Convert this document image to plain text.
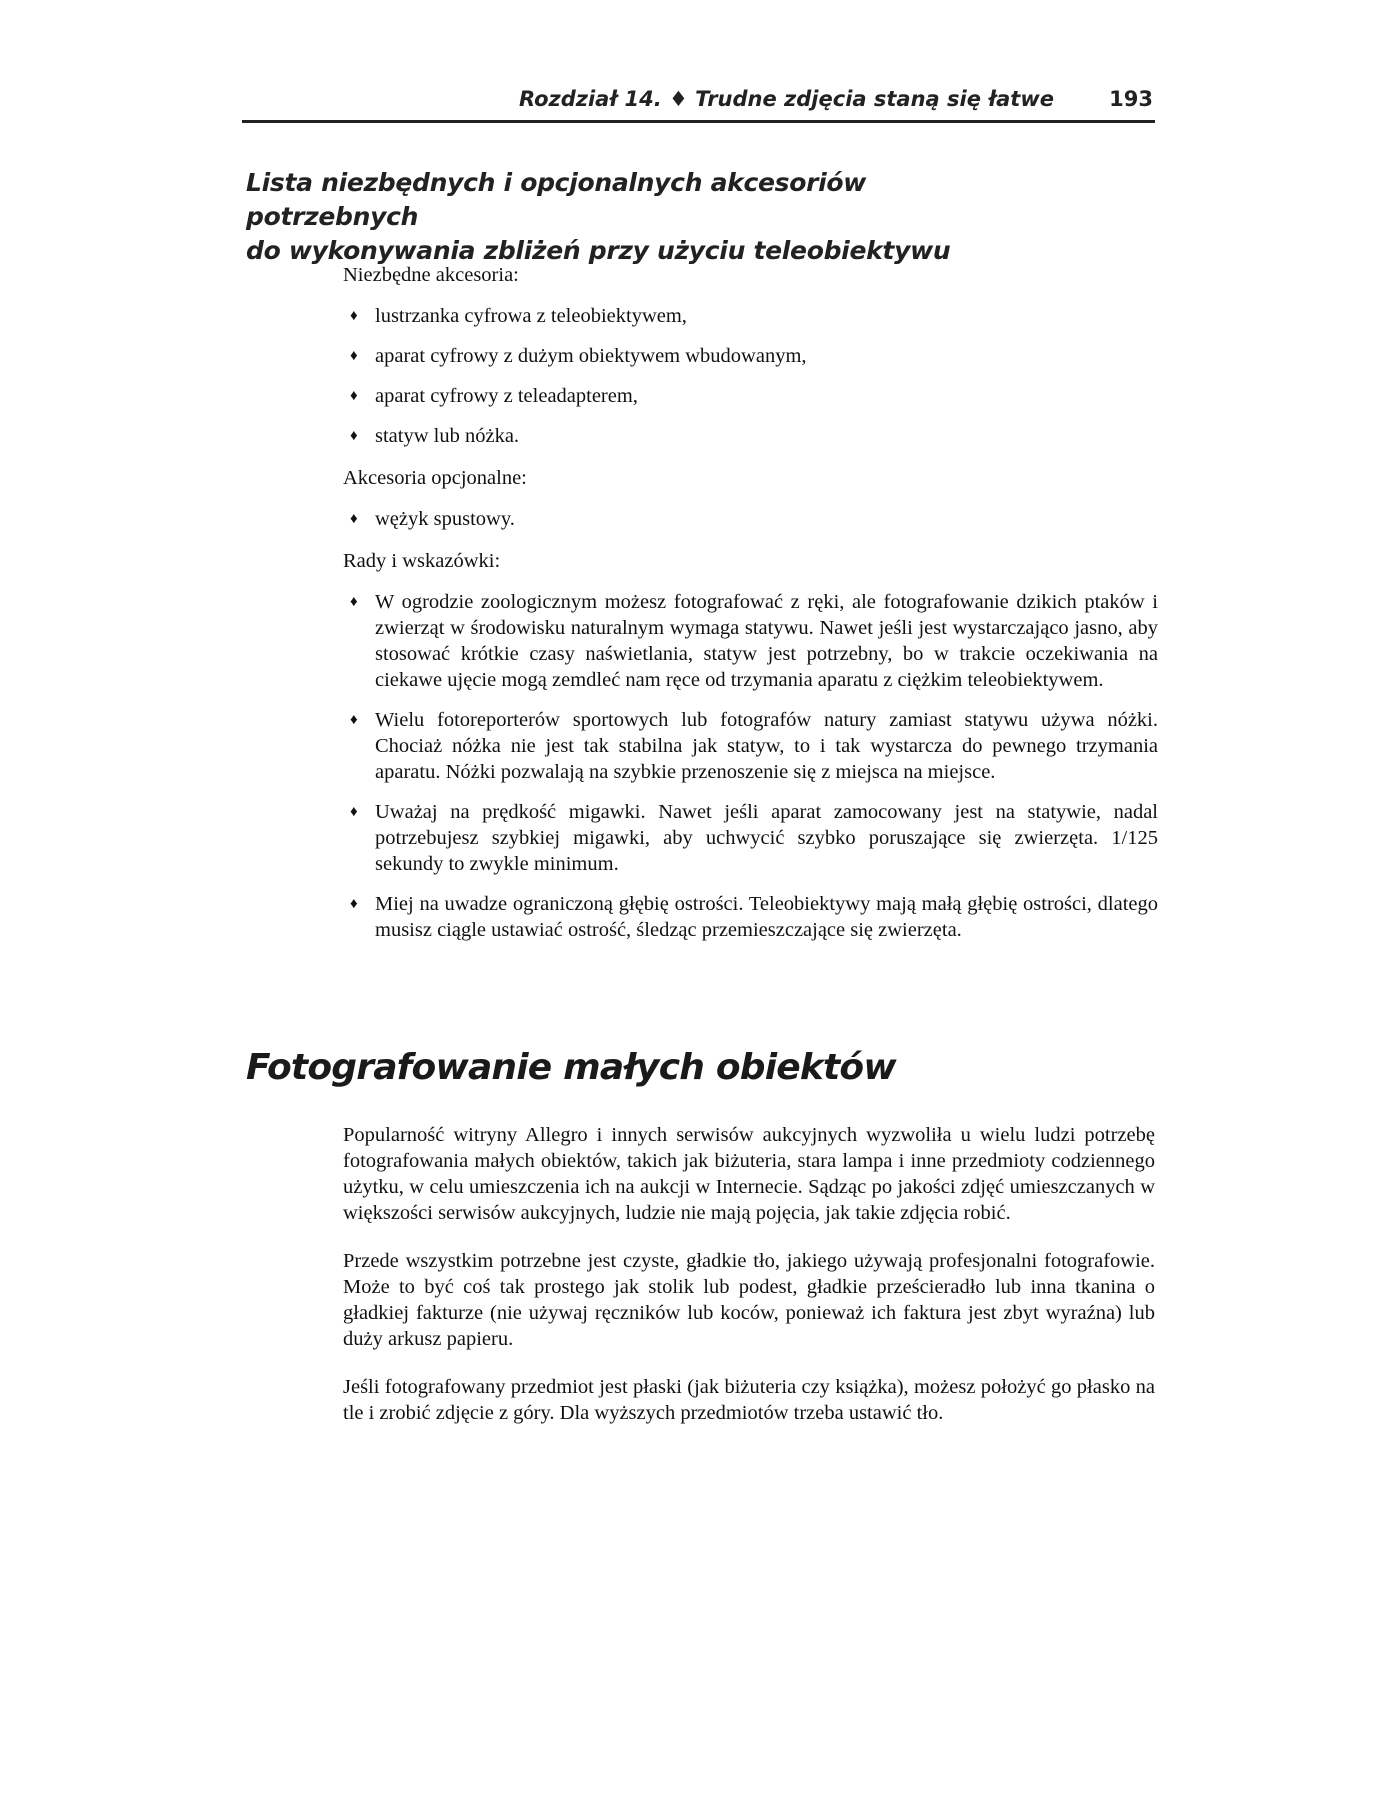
Rozdział 14. ♦ Trudne zdjęcia staną się łatwe	193
Lista niezbędnych i opcjonalnych akcesoriów potrzebnych
do wykonywania zbliżeń przy użyciu teleobiektywu

Niezbędne akcesoria:

♦ lustrzanka cyfrowa z teleobiektywem,
♦ aparat cyfrowy z dużym obiektywem wbudowanym,
♦ aparat cyfrowy z teleadapterem,
♦ statyw lub nóżka.

Akcesoria opcjonalne:

♦ wężyk spustowy.

Rady i wskazówki:

♦ W ogrodzie zoologicznym możesz fotografować z ręki, ale fotografowanie dzikich ptaków i zwierząt w środowisku naturalnym wymaga statywu. Nawet jeśli jest wystarczająco jasno, aby stosować krótkie czasy naświetlania, statyw jest potrzebny, bo w trakcie oczekiwania na ciekawe ujęcie mogą zemdleć nam ręce od trzymania aparatu z ciężkim teleobiektywem.
♦ Wielu fotoreporterów sportowych lub fotografów natury zamiast statywu używa nóżki. Chociaż nóżka nie jest tak stabilna jak statyw, to i tak wystarcza do pewnego trzymania aparatu. Nóżki pozwalają na szybkie przenoszenie się z miejsca na miejsce.
♦ Uważaj na prędkość migawki. Nawet jeśli aparat zamocowany jest na statywie, nadal potrzebujesz szybkiej migawki, aby uchwycić szybko poruszające się zwierzęta. 1/125 sekundy to zwykle minimum.
♦ Miej na uwadze ograniczoną głębię ostrości. Teleobiektywy mają małą głębię ostrości, dlatego musisz ciągle ustawiać ostrość, śledząc przemieszczające się zwierzęta.
Fotografowanie małych obiektów

Popularność witryny Allegro i innych serwisów aukcyjnych wyzwoliła u wielu ludzi potrzebę fotografowania małych obiektów, takich jak biżuteria, stara lampa i inne przedmioty codziennego użytku, w celu umieszczenia ich na aukcji w Internecie. Sądząc po jakości zdjęć umieszczanych w większości serwisów aukcyjnych, ludzie nie mają pojęcia, jak takie zdjęcia robić.

Przede wszystkim potrzebne jest czyste, gładkie tło, jakiego używają profesjonalni fotografowie. Może to być coś tak prostego jak stolik lub podest, gładkie prześcieradło lub inna tkanina o gładkiej fakturze (nie używaj ręczników lub koców, ponieważ ich faktura jest zbyt wyraźna) lub duży arkusz papieru.

Jeśli fotografowany przedmiot jest płaski (jak biżuteria czy książka), możesz położyć go płasko na tle i zrobić zdjęcie z góry. Dla wyższych przedmiotów trzeba ustawić tło.
